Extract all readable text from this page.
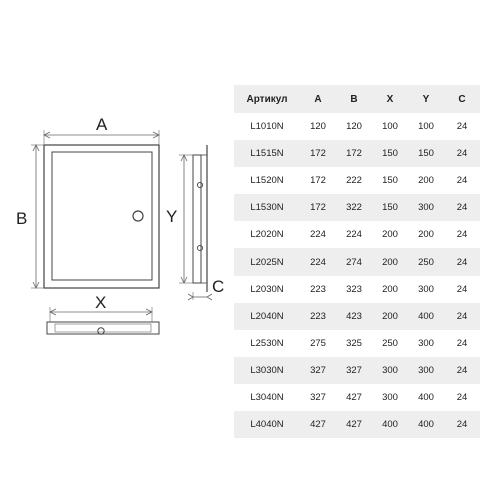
A
B
X
Y
C
Артикул	A	B	X	Y	C
L1010N	120	120	100	100	24
L1515N	172	172	150	150	24
L1520N	172	222	150	200	24
L1530N	172	322	150	300	24
L2020N	224	224	200	200	24
L2025N	224	274	200	250	24
L2030N	223	323	200	300	24
L2040N	223	423	200	400	24
L2530N	275	325	250	300	24
L3030N	327	327	300	300	24
L3040N	327	427	300	400	24
L4040N	427	427	400	400	24
